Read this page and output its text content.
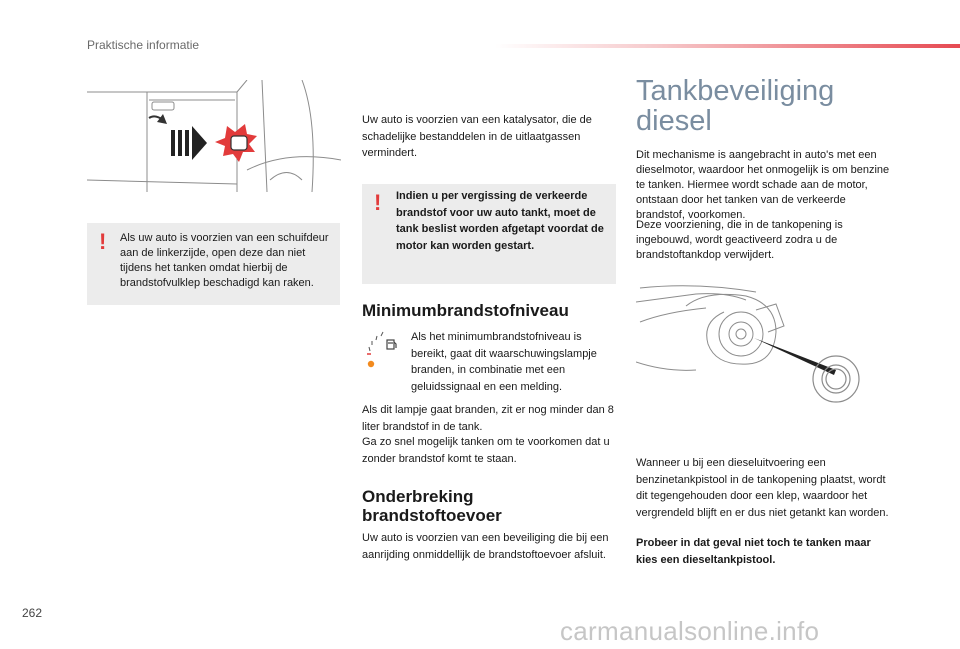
Praktische informatie
! Als uw auto is voorzien van een schuifdeur aan de linkerzijde, open deze dan niet tijdens het tanken omdat hierbij de brandstofvulklep beschadigd kan raken.

Uw auto is voorzien van een katalysator, die de schadelijke bestanddelen in de uitlaatgassen vermindert.

! Indien u per vergissing de verkeerde brandstof voor uw auto tankt, moet de tank beslist worden afgetapt voordat de motor kan worden gestart.

Minimumbrandstofniveau

Als het minimumbrandstofniveau is bereikt, gaat dit waarschuwingslampje branden, in combinatie met een geluidssignaal en een melding.

Als dit lampje gaat branden, zit er nog minder dan 8 liter brandstof in de tank.

Ga zo snel mogelijk tanken om te voorkomen dat u zonder brandstof komt te staan.

Onderbreking
brandstoftoevoer

Uw auto is voorzien van een beveiliging die bij een aanrijding onmiddellijk de brandstoftoevoer afsluit.

Tankbeveiliging
diesel

Dit mechanisme is aangebracht in auto's met een dieselmotor, waardoor het onmogelijk is om benzine te tanken. Hiermee wordt schade aan de motor, ontstaan door het tanken van de verkeerde brandstof, voorkomen.

Deze voorziening, die in de tankopening is ingebouwd, wordt geactiveerd zodra u de brandstoftankdop verwijdert.

Wanneer u bij een dieseluitvoering een benzinetankpistool in de tankopening plaatst, wordt dit tegengehouden door een klep, waardoor het vergrendeld blijft en er dus niet getankt kan worden.

Probeer in dat geval niet toch te tanken maar kies een dieseltankpistool.

262
carmanualsonline.info
